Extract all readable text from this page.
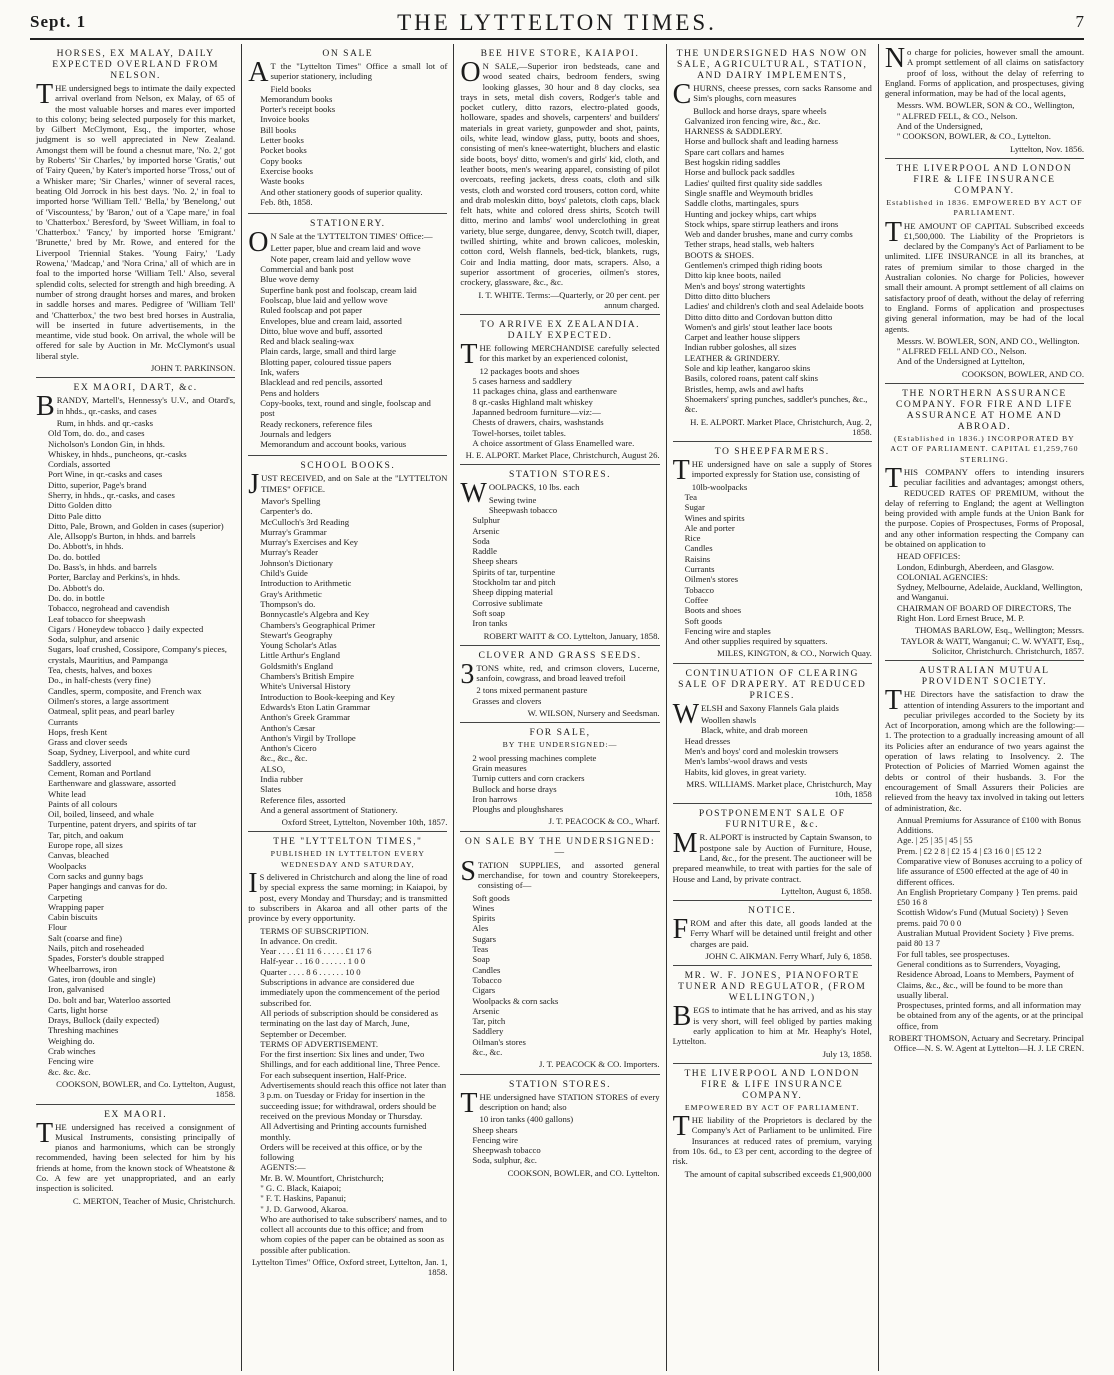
Sept. 1	THE LYTTELTON TIMES.	7
HORSES, EX MALAY, DAILY EXPECTED OVERLAND FROM NELSON.
THE undersigned begs to intimate the daily expected arrival overland from Nelson, ex Malay, of 65 of the most valuable horses and mares ever imported to this colony; being selected purposely for this market, by Gilbert McClymont, Esq., the importer, whose judgment is so well appreciated in New Zealand. Amongst them will be found a chesnut mare, 'No. 2,' got by Roberts' 'Sir Charles,' by imported horse 'Gratis,' out of 'Fairy Queen,' by Kater's imported horse 'Tross,' out of a Whisker mare; 'Sir Charles,' winner of several races, beating Old Jorrock in his best days. 'No. 2,' in foal to imported horse 'William Tell.' 'Bella,' by 'Benelong,' out of 'Viscountess,' by 'Baron,' out of a 'Cape mare,' in foal to 'Chatterbox.' Beresford, by 'Sweet William, in foal to 'Chatterbox.' 'Fancy,' by imported horse 'Emigrant.' 'Brunette,' bred by Mr. Rowe, and entered for the Liverpool Triennial Stakes. 'Young Fairy,' 'Lady Rowena,' 'Madcap,' and 'Nora Crina,' all of which are in foal to the imported horse 'William Tell.' Also, several splendid colts, selected for strength and high breeding. A number of strong draught horses and mares, and broken in saddle horses and mares. Pedigree of 'William Tell' and 'Chatterbox,' the two best bred horses in Australia, will be inserted in future advertisements, in the meantime, vide stud book. On arrival, the whole will be offered for sale by Auction in Mr. McClymont's usual liberal style.
JOHN T. PARKINSON.
EX MAORI, DART, &c.
BRANDY, Martell's, Hennessy's U.V., and Otard's, in hhds., qr.-casks, and cases
Rum, in hhds. and qr.-casks
Old Tom, do. do., and cases
Nicholson's London Gin, in hhds.
Whiskey, in hhds., puncheons, qr.-casks
Cordials, assorted
Port Wine, in qr.-casks and cases
Ditto, superior, Page's brand
Sherry, in hhds., qr.-casks, and cases
Ditto Golden ditto
Ditto Pale ditto
Ditto, Pale, Brown, and Golden in cases (superior)
Ale, Allsopp's Burton, in hhds. and barrels
Do. Abbott's, in hhds.
Do. do. bottled
Do. Bass's, in hhds. and barrels
Porter, Barclay and Perkins's, in hhds.
Do. Abbott's do.
Do. do. in bottle
Tobacco, negrohead and cavendish
Leaf tobacco for sheepwash
Cigars / Honeydew tobacco } daily expected
Soda, sulphur, and arsenic
Sugars, loaf crushed, Cossipore, Company's pieces, crystals, Mauritius, and Pampanga
Tea, chests, halves, and boxes
Do., in half-chests (very fine)
Candles, sperm, composite, and French wax
Oilmen's stores, a large assortment
Oatmeal, split peas, and pearl barley
Currants
Hops, fresh Kent
Grass and clover seeds
Soap, Sydney, Liverpool, and white curd
Saddlery, assorted
Cement, Roman and Portland
Earthenware and glassware, assorted
White lead
Paints of all colours
Oil, boiled, linseed, and whale
Turpentine, patent dryers, and spirits of tar
Tar, pitch, and oakum
Europe rope, all sizes
Canvas, bleached
Woolpacks
Corn sacks and gunny bags
Paper hangings and canvas for do.
Carpeting
Wrapping paper
Cabin biscuits
Flour
Salt (coarse and fine)
Nails, pitch and roseheaded
Spades, Forster's double strapped
Wheelbarrows, iron
Gates, iron (double and single)
Iron, galvanised
Do. bolt and bar, Waterloo assorted
Carts, light horse
Drays, Bullock (daily expected)
Threshing machines
Weighing do.
Crab winches
Fencing wire
&c. &c. &c.
COOKSON, BOWLER, and Co. Lyttelton, August, 1858.
EX MAORI.
THE undersigned has received a consignment of Musical Instruments, consisting principally of pianos and harmoniums, which can be strongly recommended, having been selected for him by his friends at home, from the known stock of Wheatstone & Co. A few are yet unappropriated, and an early inspection is solicited.
C. MERTON, Teacher of Music, Christchurch.
ON SALE
AT the "Lyttelton Times" Office a small lot of superior stationery, including
Field books
Memorandum books
Porter's receipt books
Invoice books
Bill books
Letter books
Pocket books
Copy books
Exercise books
Waste books
And other stationery goods of superior quality.
Feb. 8th, 1858.
STATIONERY.
ON Sale at the 'LYTTELTON TIMES' Office:—
Letter paper, blue and cream laid and wove
Note paper, cream laid and yellow wove
Commercial and bank post
Blue wove demy
Superfine bank post and foolscap, cream laid
Foolscap, blue laid and yellow wove
Ruled foolscap and pot paper
Envelopes, blue and cream laid, assorted
Ditto, blue wove and buff, assorted
Red and black sealing-wax
Plain cards, large, small and third large
Blotting paper, coloured tissue papers
Ink, wafers
Blacklead and red pencils, assorted
Pens and holders
Copy-books, text, round and single, foolscap and post
Ready reckoners, reference files
Journals and ledgers
Memorandum and account books, various
SCHOOL BOOKS.
JUST RECEIVED, and on Sale at the "LYTTELTON TIMES" OFFICE.
Mavor's Spelling
Carpenter's do.
McCulloch's 3rd Reading
Murray's Grammar
Murray's Exercises and Key
Murray's Reader
Johnson's Dictionary
Child's Guide
Introduction to Arithmetic
Gray's Arithmetic
Thompson's do.
Bonnycastle's Algebra and Key
Chambers's Geographical Primer
Stewart's Geography
Young Scholar's Atlas
Little Arthur's England
Goldsmith's England
Chambers's British Empire
White's Universal History
Introduction to Book-keeping and Key
Edwards's Eton Latin Grammar
Anthon's Greek Grammar
Anthon's Cæsar
Anthon's Virgil by Trollope
Anthon's Cicero
&c., &c., &c.
ALSO,
India rubber
Slates
Reference files, assorted
And a general assortment of Stationery.
Oxford Street, Lyttelton, November 10th, 1857.
THE "LYTTELTON TIMES,"
PUBLISHED IN LYTTELTON EVERY WEDNESDAY AND SATURDAY,
IS delivered in Christchurch and along the line of road by special express the same morning; in Kaiapoi, by post, every Monday and Thursday; and is transmitted to subscribers in Akaroa and all other parts of the province by every opportunity.
TERMS OF SUBSCRIPTION.
In advance. On credit.
Year . . . . £1 11 6 . . . . . £1 17 6
Half-year . . 16 0 . . . . . . 1 0 0
Quarter . . . . 8 6 . . . . . . 10 0
Subscriptions in advance are considered due immediately upon the commencement of the period subscribed for.
All periods of subscription should be considered as terminating on the last day of March, June, September or December.
TERMS OF ADVERTISEMENT.
For the first insertion: Six lines and under, Two Shillings, and for each additional line, Three Pence. For each subsequent insertion, Half-Price.
Advertisements should reach this office not later than 3 p.m. on Tuesday or Friday for insertion in the succeeding issue; for withdrawal, orders should be received on the previous Monday or Thursday.
All Advertising and Printing accounts furnished monthly.
Orders will be received at this office, or by the following
AGENTS:—
Mr. B. W. Mountfort, Christchurch;
" G. C. Black, Kaiapoi;
" F. T. Haskins, Papanui;
" J. D. Garwood, Akaroa.
Who are authorised to take subscribers' names, and to collect all accounts due to this office; and from whom copies of the paper can be obtained as soon as possible after publication.
Lyttelton Times" Office, Oxford street, Lyttelton, Jan. 1, 1858.
BEE HIVE STORE, KAIAPOI.
ON SALE,—Superior iron bedsteads, cane and wood seated chairs, bedroom fenders, swing looking glasses, 30 hour and 8 day clocks, sea trays in sets, metal dish covers, Rodger's table and pocket cutlery, ditto razors, electro-plated goods, holloware, spades and shovels, carpenters' and builders' materials in great variety, gunpowder and shot, paints, oils, white lead, window glass, putty, boots and shoes, consisting of men's knee-watertight, bluchers and elastic side boots, boys' ditto, women's and girls' kid, cloth, and leather boots, men's wearing apparel, consisting of pilot overcoats, reefing jackets, dress coats, cloth and silk vests, cloth and worsted cord trousers, cotton cord, white and drab moleskin ditto, boys' paletots, cloth caps, black felt hats, white and colored dress shirts, Scotch twill ditto, merino and lambs' wool underclothing in great variety, blue serge, dungaree, denvy, Scotch twill, diaper, twilled shirting, white and brown calicoes, moleskin, cotton cord, Welsh flannels, bed-tick, blankets, rugs, Coir and India matting, door mats, scrapers. Also, a superior assortment of groceries, oilmen's stores, crockery, glassware, &c., &c.
I. T. WHITE. Terms:—Quarterly, or 20 per cent. per annum charged.
TO ARRIVE EX ZEALANDIA. DAILY EXPECTED.
THE following MERCHANDISE carefully selected for this market by an experienced colonist,
12 packages boots and shoes
5 cases harness and saddlery
11 packages china, glass and earthenware
8 qr.-casks Highland malt whiskey
Japanned bedroom furniture—viz:—
Chests of drawers, chairs, washstands
Towel-horses, toilet tables.
A choice assortment of Glass Enamelled ware.
H. E. ALPORT. Market Place, Christchurch, August 26.
STATION STORES.
WOOLPACKS, 10 lbs. each
Sewing twine
Sheepwash tobacco
Sulphur
Arsenic
Soda
Raddle
Sheep shears
Spirits of tar, turpentine
Stockholm tar and pitch
Sheep dipping material
Corrosive sublimate
Soft soap
Iron tanks
ROBERT WAITT & CO. Lyttelton, January, 1858.
CLOVER AND GRASS SEEDS.
3TONS white, red, and crimson clovers, Lucerne, sanfoin, cowgrass, and broad leaved trefoil
2 tons mixed permanent pasture
Grasses and clovers
W. WILSON, Nursery and Seedsman.
FOR SALE,
BY THE UNDERSIGNED:—
2 wool pressing machines complete
Grain measures
Turnip cutters and corn crackers
Bullock and horse drays
Iron harrows
Ploughs and ploughshares
J. T. PEACOCK & CO., Wharf.
ON SALE BY THE UNDERSIGNED:—
STATION SUPPLIES, and assorted general merchandise, for town and country Storekeepers, consisting of—
Soft goods
Wines
Spirits
Ales
Sugars
Teas
Soap
Candles
Tobacco
Cigars
Woolpacks & corn sacks
Arsenic
Tar, pitch
Saddlery
Oilman's stores
&c., &c.
J. T. PEACOCK & CO. Importers.
STATION STORES.
THE undersigned have STATION STORES of every description on hand; also
10 iron tanks (400 gallons)
Sheep shears
Fencing wire
Sheepwash tobacco
Soda, sulphur, &c.
COOKSON, BOWLER, and CO. Lyttelton.
THE UNDERSIGNED HAS NOW ON SALE, AGRICULTURAL, STATION, AND DAIRY IMPLEMENTS,
CHURNS, cheese presses, corn sacks Ransome and Sim's ploughs, corn measures
Bullock and horse drays, spare wheels
Galvanized iron fencing wire, &c., &c.
HARNESS & SADDLERY.
Horse and bullock shaft and leading harness
Spare cart collars and hames
Best hogskin riding saddles
Horse and bullock pack saddles
Ladies' quilted first quality side saddles
Single snaffle and Weymouth bridles
Saddle cloths, martingales, spurs
Hunting and jockey whips, cart whips
Stock whips, spare stirrup leathers and irons
Web and dander brushes, mane and curry combs
Tether straps, head stalls, web halters
BOOTS & SHOES.
Gentlemen's crimped thigh riding boots
Ditto kip knee boots, nailed
Men's and boys' strong watertights
Ditto ditto ditto bluchers
Ladies' and children's cloth and seal Adelaide boots
Ditto ditto ditto and Cordovan button ditto
Women's and girls' stout leather lace boots
Carpet and leather house slippers
Indian rubber goloshes, all sizes
LEATHER & GRINDERY.
Sole and kip leather, kangaroo skins
Basils, colored roans, patent calf skins
Bristles, hemp, awls and awl hafts
Shoemakers' spring punches, saddler's punches, &c., &c.
H. E. ALPORT. Market Place, Christchurch, Aug. 2, 1858.
TO SHEEPFARMERS.
THE undersigned have on sale a supply of Stores imported expressly for Station use, consisting of
10lb-woolpacks
Tea
Sugar
Wines and spirits
Ale and porter
Rice
Candles
Raisins
Currants
Oilmen's stores
Tobacco
Coffee
Boots and shoes
Soft goods
Fencing wire and staples
And other supplies required by squatters.
MILES, KINGTON, & CO., Norwich Quay.
CONTINUATION OF CLEARING SALE OF DRAPERY. AT REDUCED PRICES.
WELSH and Saxony Flannels Gala plaids
Woollen shawls
Black, white, and drab moreen
Head dresses
Men's and boys' cord and moleskin trowsers
Men's lambs'-wool draws and vests
Habits, kid gloves, in great variety.
MRS. WILLIAMS. Market place, Christchurch, May 10th, 1858
POSTPONEMENT SALE OF FURNITURE, &c.
MR. ALPORT is instructed by Captain Swanson, to postpone sale by Auction of Furniture, House, Land, &c., for the present. The auctioneer will be prepared meanwhile, to treat with parties for the sale of House and Land, by private contract.
Lyttelton, August 6, 1858.
NOTICE.
FROM and after this date, all goods landed at the Ferry Wharf will be detained until freight and other charges are paid.
JOHN C. AIKMAN. Ferry Wharf, July 6, 1858.
MR. W. F. JONES, PIANOFORTE TUNER AND REGULATOR, (FROM WELLINGTON,)
BEGS to intimate that he has arrived, and as his stay is very short, will feel obliged by parties making early application to him at Mr. Heaphy's Hotel, Lyttelton.
July 13, 1858.
THE LIVERPOOL AND LONDON FIRE & LIFE INSURANCE COMPANY.
EMPOWERED BY ACT OF PARLIAMENT.
THE liability of the Proprietors is declared by the Company's Act of Parliament to be unlimited. Fire Insurances at reduced rates of premium, varying from 10s. 6d., to £3 per cent, according to the degree of risk.
The amount of capital subscribed exceeds £1,900,000
No charge for policies, however small the amount. A prompt settlement of all claims on satisfactory proof of loss, without the delay of referring to England. Forms of application, and prospectuses, giving general information, may be had of the local agents,
Messrs. WM. BOWLER, SON & CO., Wellington,
" ALFRED FELL, & CO., Nelson.
And of the Undersigned,
" COOKSON, BOWLER, & CO., Lyttelton.
Lyttelton, Nov. 1856.
THE LIVERPOOL AND LONDON FIRE & LIFE INSURANCE COMPANY.
Established in 1836. EMPOWERED BY ACT OF PARLIAMENT.
THE AMOUNT OF CAPITAL Subscribed exceeds £1,500,000. The Liability of the Proprietors is declared by the Company's Act of Parliament to be unlimited. LIFE INSURANCE in all its branches, at rates of premium similar to those charged in the Australian colonies. No charge for Policies, however small their amount. A prompt settlement of all claims on satisfactory proof of death, without the delay of referring to England. Forms of application and prospectuses giving general information, may be had of the local agents.
Messrs. W. BOWLER, SON, AND CO., Wellington.
" ALFRED FELL AND CO., Nelson.
And of the Undersigned at Lyttelton,
COOKSON, BOWLER, AND CO.
THE NORTHERN ASSURANCE COMPANY. FOR FIRE AND LIFE ASSURANCE AT HOME AND ABROAD.
(Established in 1836.) INCORPORATED BY ACT OF PARLIAMENT. CAPITAL £1,259,760 STERLING.
THIS COMPANY offers to intending insurers peculiar facilities and advantages; amongst others, REDUCED RATES OF PREMIUM, without the delay of referring to England; the agent at Wellington being provided with ample funds at the Union Bank for the purpose. Copies of Prospectuses, Forms of Proposal, and any other information respecting the Company can be obtained on application to
HEAD OFFICES:
London, Edinburgh, Aberdeen, and Glasgow.
COLONIAL AGENCIES:
Sydney, Melbourne, Adelaide, Auckland, Wellington, and Wanganui.
CHAIRMAN OF BOARD OF DIRECTORS, The Right Hon. Lord Ernest Bruce, M. P.
THOMAS BARLOW, Esq., Wellington; Messrs. TAYLOR & WATT, Wanganui; C. W. WYATT, Esq., Solicitor, Christchurch. Christchurch, 1857.
AUSTRALIAN MUTUAL PROVIDENT SOCIETY.
THE Directors have the satisfaction to draw the attention of intending Assurers to the important and peculiar privileges accorded to the Society by its Act of Incorporation, among which are the following:— 1. The protection to a gradually increasing amount of all its Policies after an endurance of two years against the operation of laws relating to Insolvency. 2. The Protection of Policies of Married Women against the debts or control of their husbands. 3. For the encouragement of Small Assurers their Policies are relieved from the heavy tax involved in taking out letters of administration, &c.
Annual Premiums for Assurance of £100 with Bonus Additions.
Age. | 25 | 35 | 45 | 55
Prem. | £2 2 8 | £2 15 4 | £3 16 0 | £5 12 2
Comparative view of Bonuses accruing to a policy of life assurance of £500 effected at the age of 40 in different offices.
An English Proprietary Company } Ten prems. paid £50 16 8
Scottish Widow's Fund (Mutual Society) } Seven prems. paid 70 0 0
Australian Mutual Provident Society } Five prems. paid 80 13 7
For full tables, see prospectuses.
General conditions as to Surrenders, Voyaging, Residence Abroad, Loans to Members, Payment of Claims, &c., &c., will be found to be more than usually liberal.
Prospectuses, printed forms, and all information may be obtained from any of the agents, or at the principal office, from
ROBERT THOMSON, Actuary and Secretary. Principal Office—N. S. W. Agent at Lyttelton—H. J. LE CREN.
